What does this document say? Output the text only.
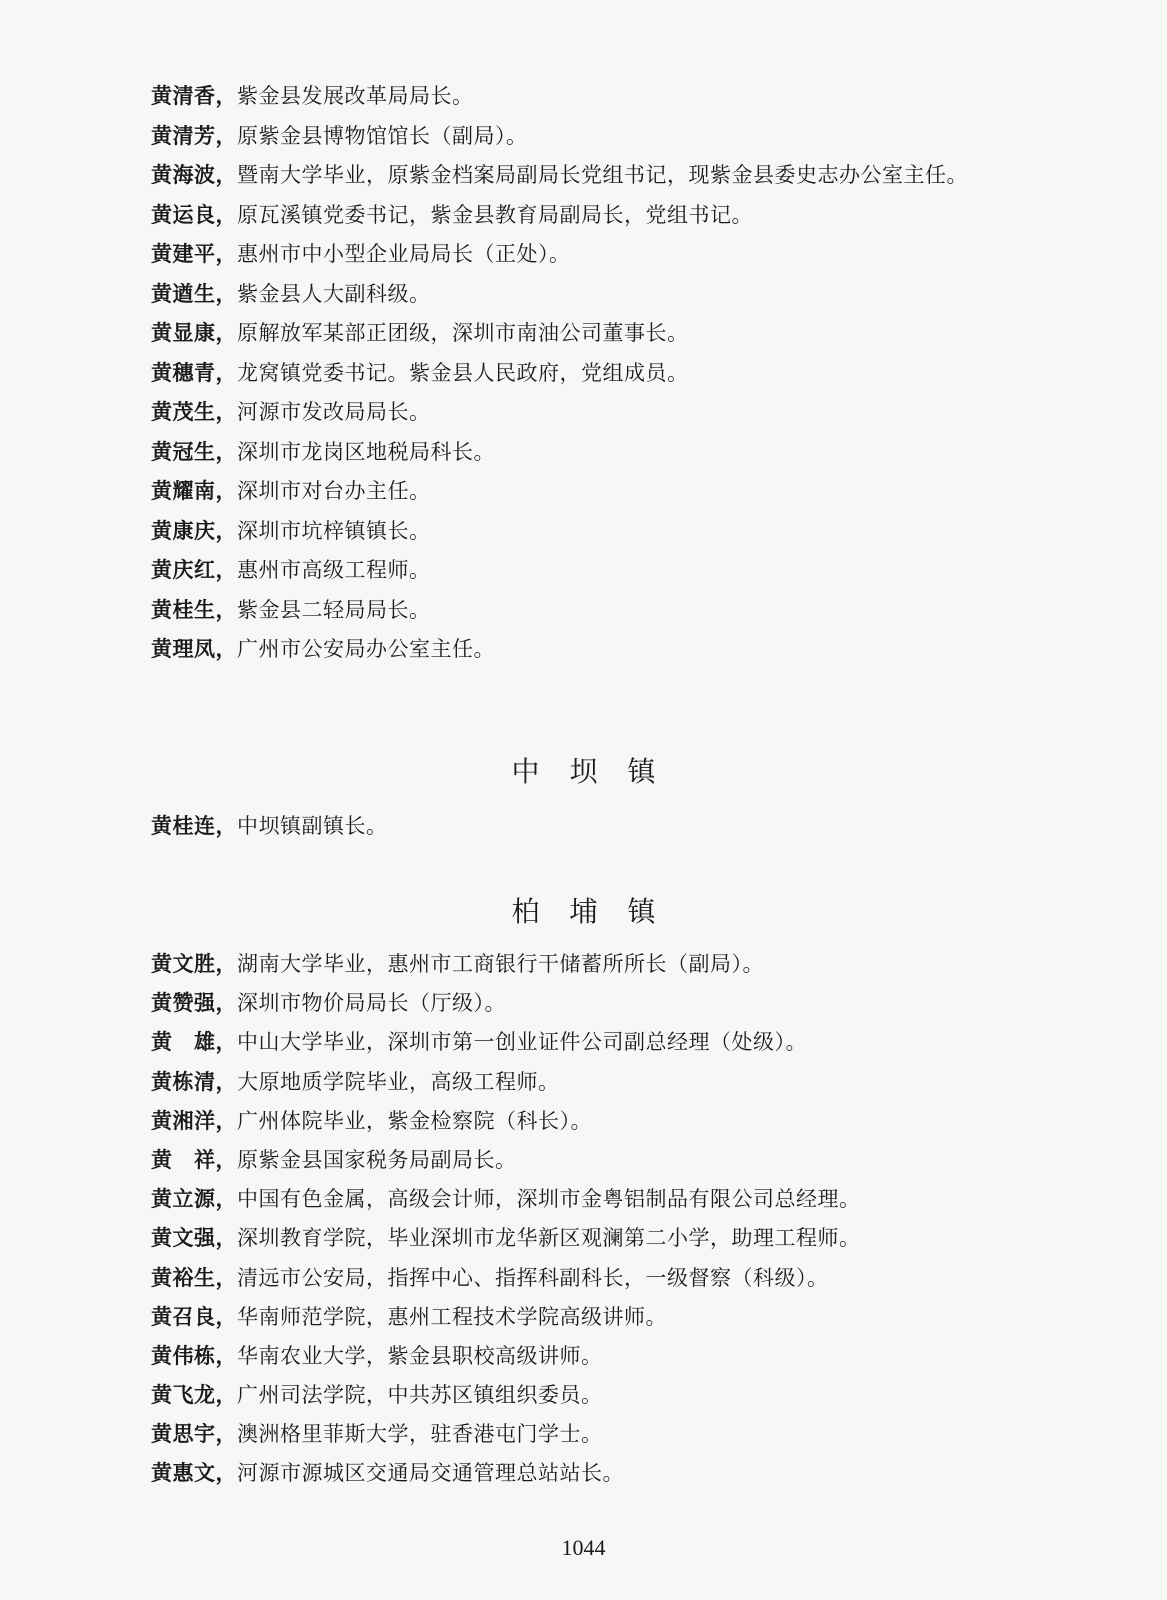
黄清香，紫金县发展改革局局长。
黄清芳，原紫金县博物馆馆长（副局）。
黄海波，暨南大学毕业，原紫金档案局副局长党组书记，现紫金县委史志办公室主任。
黄运良，原瓦溪镇党委书记，紫金县教育局副局长，党组书记。
黄建平，惠州市中小型企业局局长（正处）。
黄遒生，紫金县人大副科级。
黄显康，原解放军某部正团级，深圳市南油公司董事长。
黄穗青，龙窝镇党委书记。紫金县人民政府，党组成员。
黄茂生，河源市发改局局长。
黄冠生，深圳市龙岗区地税局科长。
黄耀南，深圳市对台办主任。
黄康庆，深圳市坑梓镇镇长。
黄庆红，惠州市高级工程师。
黄桂生，紫金县二轻局局长。
黄理凤，广州市公安局办公室主任。
中坝镇
黄桂连，中坝镇副镇长。
柏埔镇
黄文胜，湖南大学毕业，惠州市工商银行干储蓄所所长（副局）。
黄赞强，深圳市物价局局长（厅级）。
黄　雄，中山大学毕业，深圳市第一创业证件公司副总经理（处级）。
黄栋清，大原地质学院毕业，高级工程师。
黄湘洋，广州体院毕业，紫金检察院（科长）。
黄　祥，原紫金县国家税务局副局长。
黄立源，中国有色金属，高级会计师，深圳市金粤铝制品有限公司总经理。
黄文强，深圳教育学院，毕业深圳市龙华新区观澜第二小学，助理工程师。
黄裕生，清远市公安局，指挥中心、指挥科副科长，一级督察（科级）。
黄召良，华南师范学院，惠州工程技术学院高级讲师。
黄伟栋，华南农业大学，紫金县职校高级讲师。
黄飞龙，广州司法学院，中共苏区镇组织委员。
黄思宇，澳洲格里菲斯大学，驻香港屯门学士。
黄惠文，河源市源城区交通局交通管理总站站长。
1044
